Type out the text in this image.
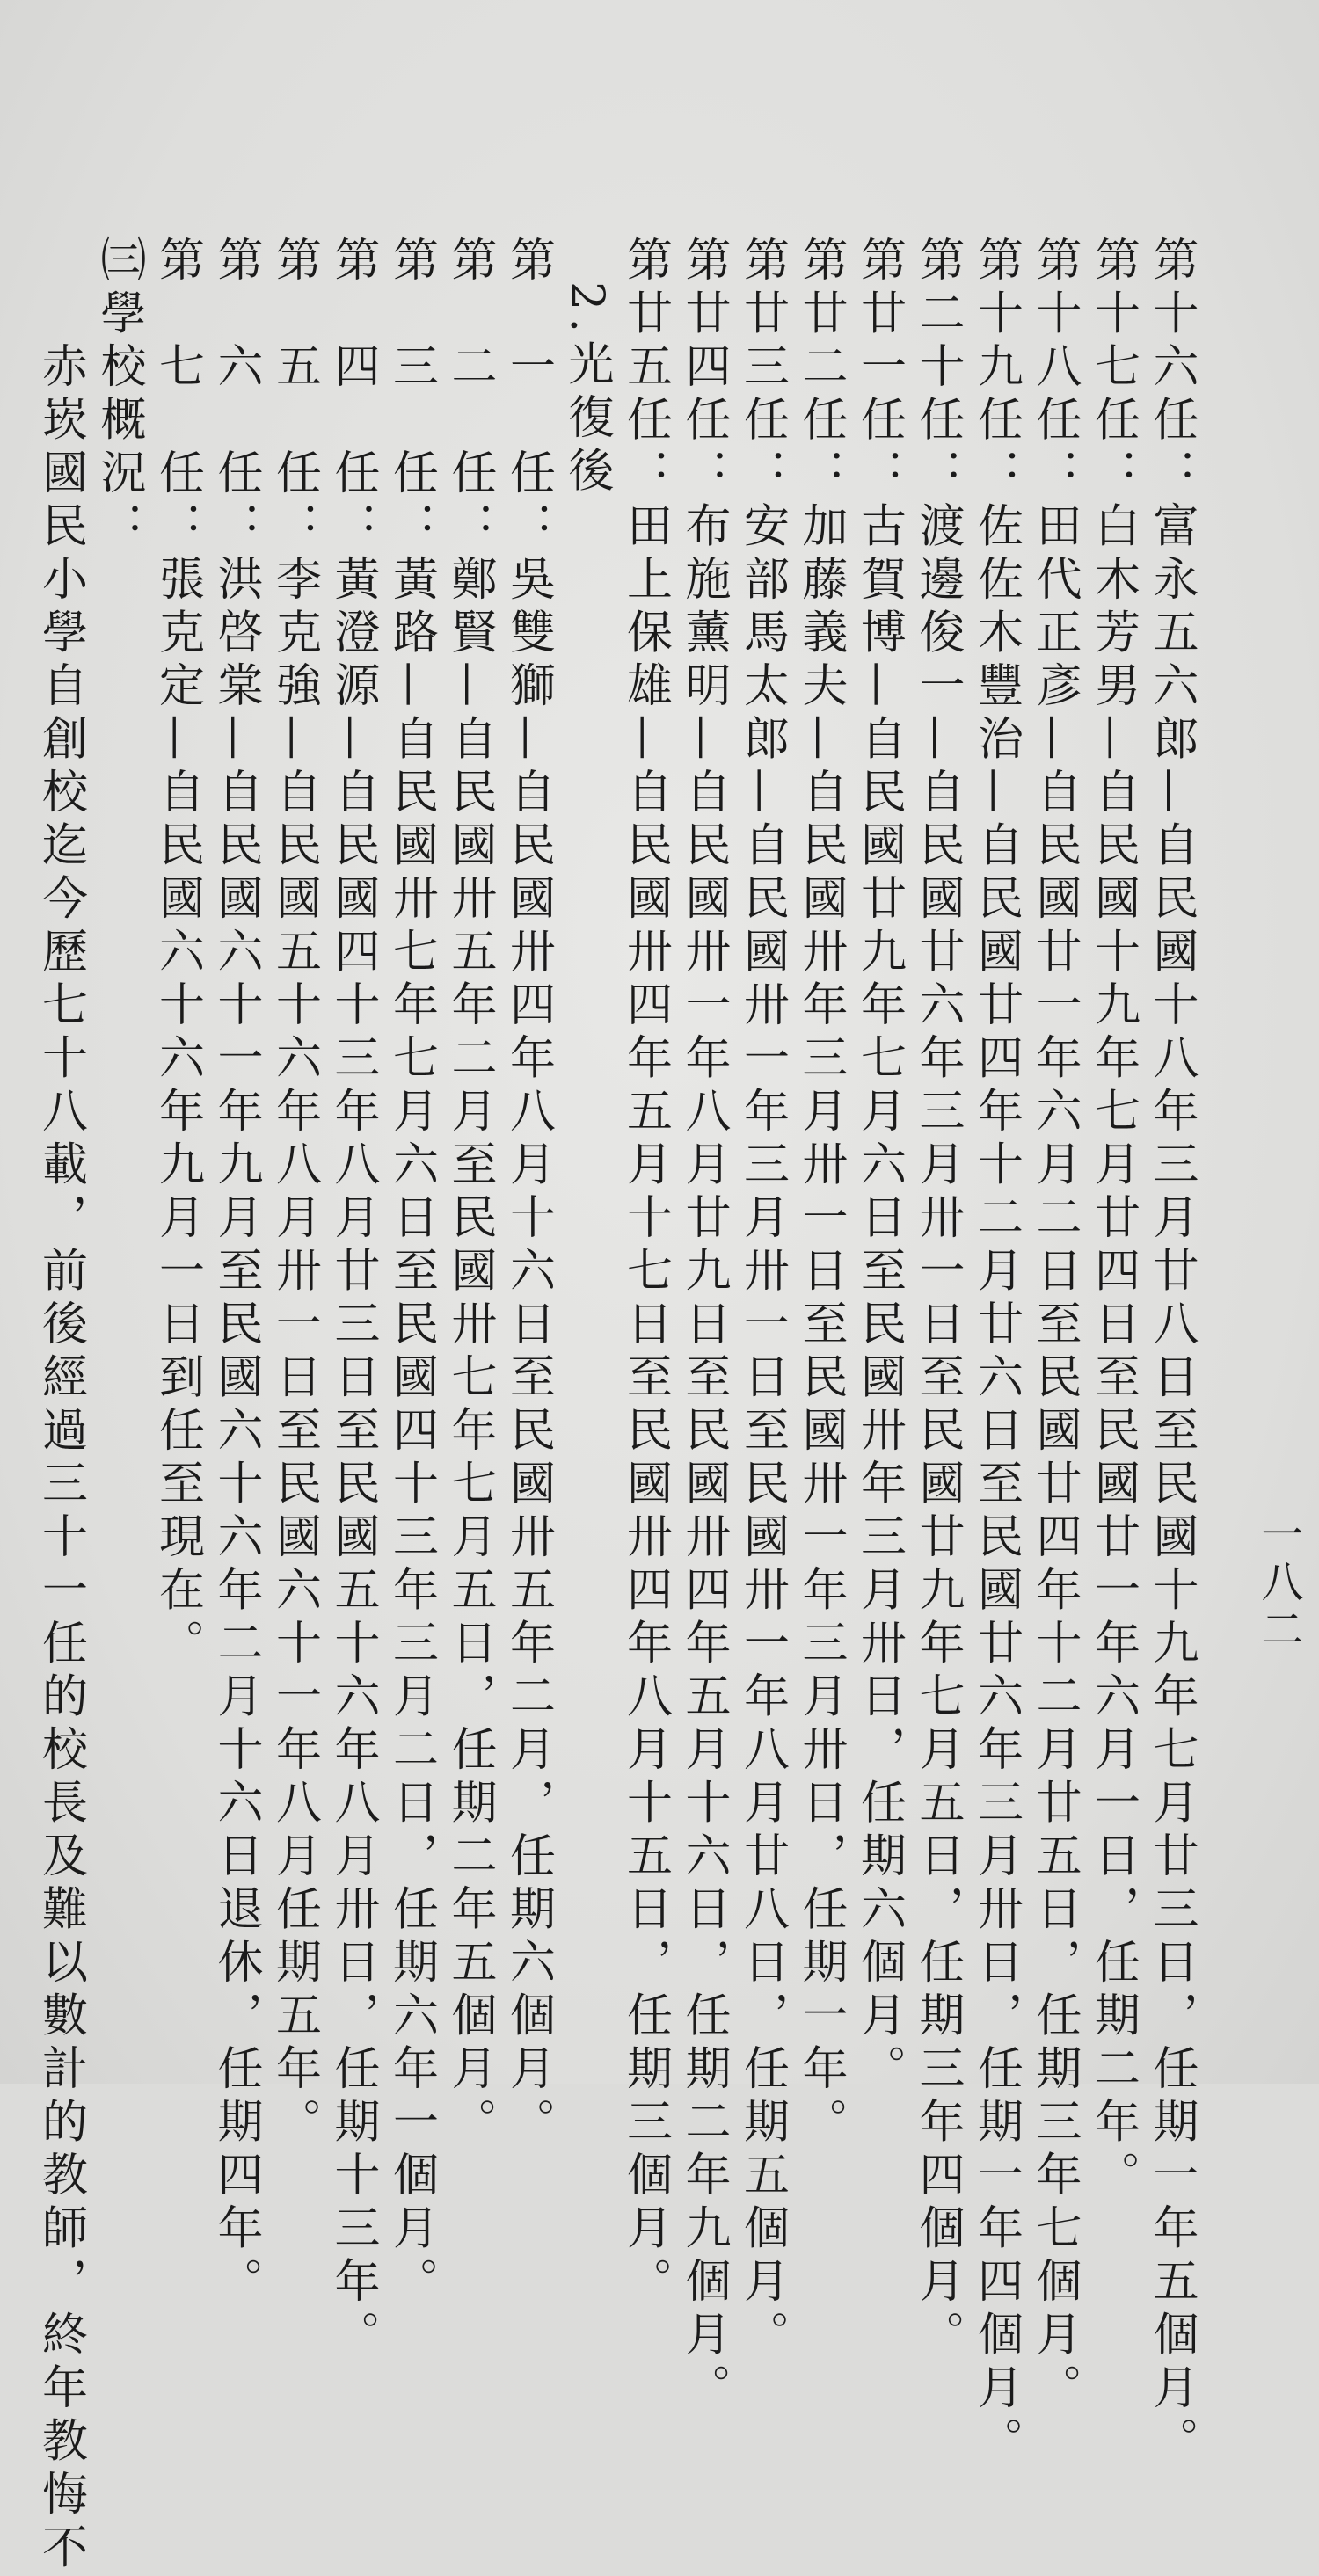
一八二
第十六任：富永五六郎—自民國十八年三月廿八日至民國十九年七月廿三日，任期一年五個月。
第十七任：白木芳男—自民國十九年七月廿四日至民國廿一年六月一日，任期二年。
第十八任：田代正彥—自民國廿一年六月二日至民國廿四年十二月廿五日，任期三年七個月。
第十九任：佐佐木豐治—自民國廿四年十二月廿六日至民國廿六年三月卅日，任期一年四個月。
第二十任：渡邊俊一—自民國廿六年三月卅一日至民國廿九年七月五日，任期三年四個月。
第廿一任：古賀博—自民國廿九年七月六日至民國卅年三月卅日，任期六個月。
第廿二任：加藤義夫—自民國卅年三月卅一日至民國卅一年三月卅日，任期一年。
第廿三任：安部馬太郎—自民國卅一年三月卅一日至民國卅一年八月廿八日，任期五個月。
第廿四任：布施薰明—自民國卅一年八月廿九日至民國卅四年五月十六日，任期二年九個月。
第廿五任：田上保雄—自民國卅四年五月十七日至民國卅四年八月十五日，任期三個月。
2.光復後
第　一　任：吳雙獅—自民國卅四年八月十六日至民國卅五年二月，任期六個月。
第　二　任：鄭賢—自民國卅五年二月至民國卅七年七月五日，任期二年五個月。
第　三　任：黃路—自民國卅七年七月六日至民國四十三年三月二日，任期六年一個月。
第　四　任：黃澄源—自民國四十三年八月廿三日至民國五十六年八月卅日，任期十三年。
第　五　任：李克強—自民國五十六年八月卅一日至民國六十一年八月任期五年。
第　六　任：洪啓棠—自民國六十一年九月至民國六十六年二月十六日退休，任期四年。
第　七　任：張克定—自民國六十六年九月一日到任至現在。
㈢學校概況：
　　赤崁國民小學自創校迄今歷七十八載，前後經過三十一任的校長及難以數計的教師，終年教悔不
